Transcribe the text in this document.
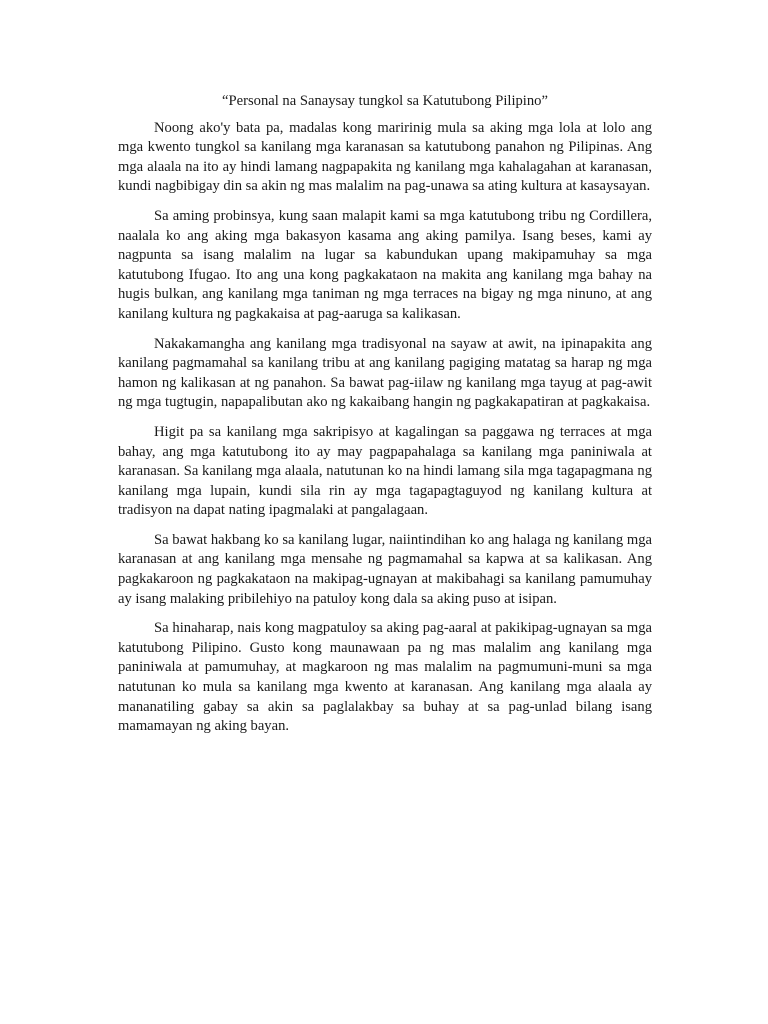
“Personal na Sanaysay tungkol sa Katutubong Pilipino”

Noong ako'y bata pa, madalas kong maririnig mula sa aking mga lola at lolo ang mga kwento tungkol sa kanilang mga karanasan sa katutubong panahon ng Pilipinas. Ang mga alaala na ito ay hindi lamang nagpapakita ng kanilang mga kahalagahan at karanasan, kundi nagbibigay din sa akin ng mas malalim na pag-unawa sa ating kultura at kasaysayan.

Sa aming probinsya, kung saan malapit kami sa mga katutubong tribu ng Cordillera, naalala ko ang aking mga bakasyon kasama ang aking pamilya. Isang beses, kami ay nagpunta sa isang malalim na lugar sa kabundukan upang makipamuhay sa mga katutubong Ifugao. Ito ang una kong pagkakataon na makita ang kanilang mga bahay na hugis bulkan, ang kanilang mga taniman ng mga terraces na bigay ng mga ninuno, at ang kanilang kultura ng pagkakaisa at pag-aaruga sa kalikasan.

Nakakamangha ang kanilang mga tradisyonal na sayaw at awit, na ipinapakita ang kanilang pagmamahal sa kanilang tribu at ang kanilang pagiging matatag sa harap ng mga hamon ng kalikasan at ng panahon. Sa bawat pag-iilaw ng kanilang mga tayug at pag-awit ng mga tugtugin, napapalibutan ako ng kakaibang hangin ng pagkakapatiran at pagkakaisa.

Higit pa sa kanilang mga sakripisyo at kagalingan sa paggawa ng terraces at mga bahay, ang mga katutubong ito ay may pagpapahalaga sa kanilang mga paniniwala at karanasan. Sa kanilang mga alaala, natutunan ko na hindi lamang sila mga tagapagmana ng kanilang mga lupain, kundi sila rin ay mga tagapagtaguyod ng kanilang kultura at tradisyon na dapat nating ipagmalaki at pangalagaan.

Sa bawat hakbang ko sa kanilang lugar, naiintindihan ko ang halaga ng kanilang mga karanasan at ang kanilang mga mensahe ng pagmamahal sa kapwa at sa kalikasan. Ang pagkakaroon ng pagkakataon na makipag-ugnayan at makibahagi sa kanilang pamumuhay ay isang malaking pribilehiyo na patuloy kong dala sa aking puso at isipan.

Sa hinaharap, nais kong magpatuloy sa aking pag-aaral at pakikipag-ugnayan sa mga katutubong Pilipino. Gusto kong maunawaan pa ng mas malalim ang kanilang mga paniniwala at pamumuhay, at magkaroon ng mas malalim na pagmumuni-muni sa mga natutunan ko mula sa kanilang mga kwento at karanasan. Ang kanilang mga alaala ay mananatiling gabay sa akin sa paglalakbay sa buhay at sa pag-unlad bilang isang mamamayan ng aking bayan.
